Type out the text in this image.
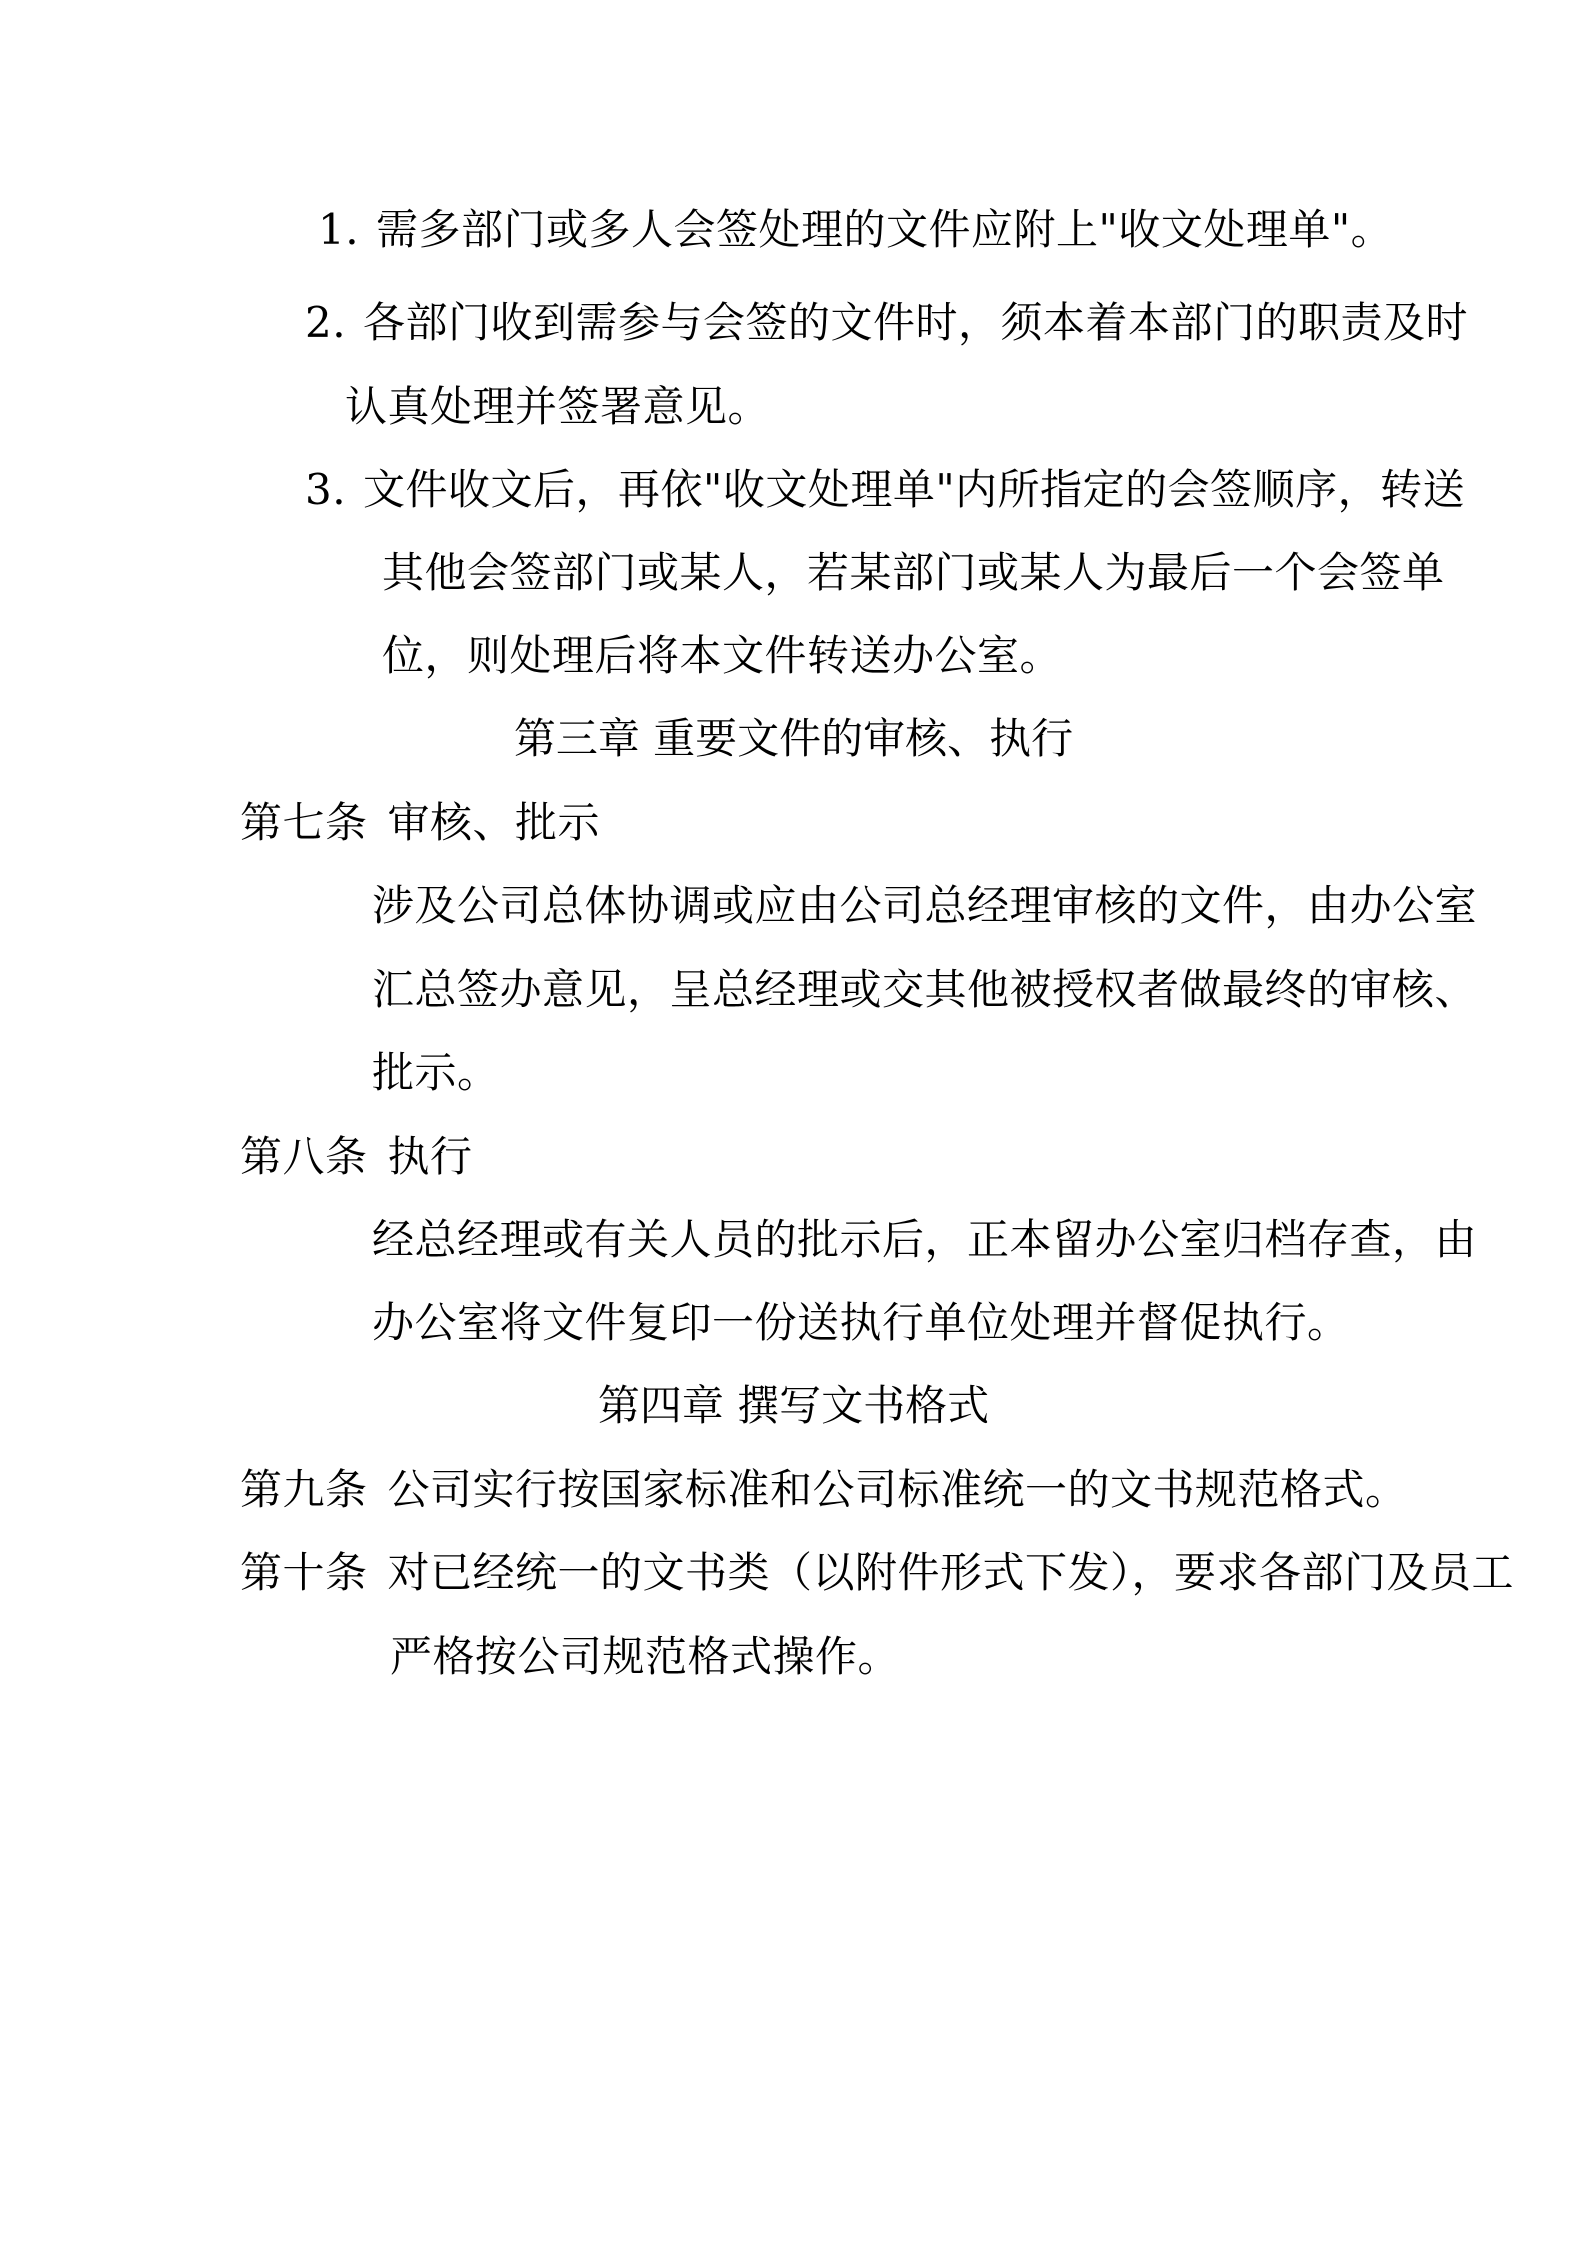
1. 需多部门或多人会签处理的文件应附上"收文处理单"。
2. 各部门收到需参与会签的文件时，须本着本部门的职责及时
认真处理并签署意见。
3. 文件收文后，再依"收文处理单"内所指定的会签顺序，转送
其他会签部门或某人，若某部门或某人为最后一个会签单
位，则处理后将本文件转送办公室。
第三章 重要文件的审核、执行
第七条 审核、批示
涉及公司总体协调或应由公司总经理审核的文件，由办公室
汇总签办意见，呈总经理或交其他被授权者做最终的审核、
批示。
第八条 执行
经总经理或有关人员的批示后，正本留办公室归档存查，由
办公室将文件复印一份送执行单位处理并督促执行。
第四章 撰写文书格式
第九条 公司实行按国家标准和公司标准统一的文书规范格式。
第十条 对已经统一的文书类（以附件形式下发），要求各部门及员工
严格按公司规范格式操作。
